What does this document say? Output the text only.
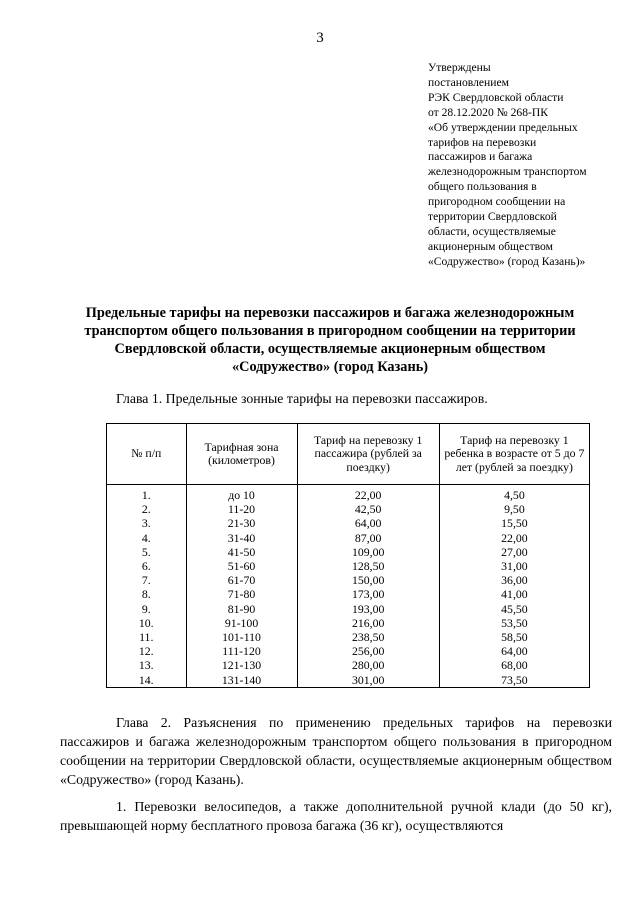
3
Утверждены
постановлением
РЭК Свердловской области
от 28.12.2020 № 268-ПК
«Об утверждении предельных
тарифов на перевозки
пассажиров и багажа
железнодорожным транспортом
общего пользования в
пригородном сообщении на
территории Свердловской
области, осуществляемые
акционерным обществом
«Содружество» (город Казань)»
Предельные тарифы на перевозки пассажиров и багажа железнодорожным
транспортом общего пользования в пригородном сообщении на территории
Свердловской области, осуществляемые акционерным обществом
«Содружество» (город Казань)
Глава 1. Предельные зонные тарифы на перевозки пассажиров.
№ п/п	Тарифная зона (километров)	Тариф на перевозку 1 пассажира (рублей за поездку)	Тариф на перевозку 1 ребенка в возрасте от 5 до 7 лет (рублей за поездку)
1.	до 10	22,00	4,50
2.	11-20	42,50	9,50
3.	21-30	64,00	15,50
4.	31-40	87,00	22,00
5.	41-50	109,00	27,00
6.	51-60	128,50	31,00
7.	61-70	150,00	36,00
8.	71-80	173,00	41,00
9.	81-90	193,00	45,50
10.	91-100	216,00	53,50
11.	101-110	238,50	58,50
12.	111-120	256,00	64,00
13.	121-130	280,00	68,00
14.	131-140	301,00	73,50
Глава 2. Разъяснения по применению предельных тарифов на перевозки пассажиров и багажа железнодорожным транспортом общего пользования в пригородном сообщении на территории Свердловской области, осуществляемые акционерным обществом «Содружество» (город Казань).
1. Перевозки велосипедов, а также дополнительной ручной клади (до 50 кг), превышающей норму бесплатного провоза багажа (36 кг), осуществляются
